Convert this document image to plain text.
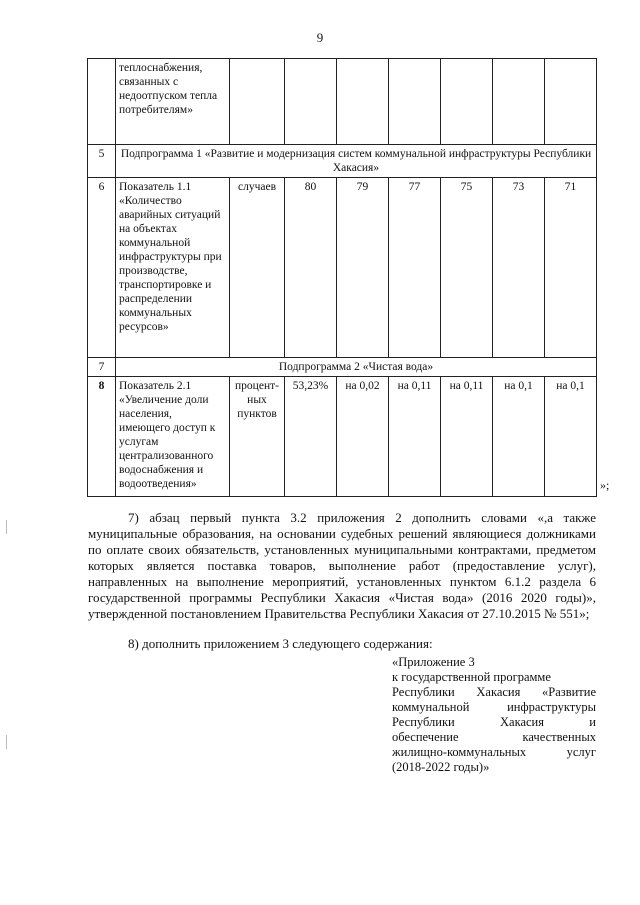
9
	теплоснабжения, связанных с недоотпуском тепла потребителям»							
5	Подпрограмма 1 «Развитие и модернизация систем коммунальной инфраструктуры Республики Хакасия»							
6	Показатель 1.1 «Количество аварийных ситуаций на объектах коммунальной инфраструктуры при производстве, транспортировке и распределении коммунальных ресурсов»	случаев	80	79	77	75	73	71
7	Подпрограмма 2 «Чистая вода»							
8	Показатель 2.1 «Увеличение доли населения, имеющего доступ к услугам централизованного водоснабжения и водоотведения»	процент-ных пунктов	53,23%	на 0,02	на 0,11	на 0,11	на 0,1	на 0,1
»;
7) абзац первый пункта 3.2 приложения 2 дополнить словами «,а также муниципальные образования, на основании судебных решений являющиеся должниками по оплате своих обязательств, установленных муниципальными контрактами, предметом которых является поставка товаров, выполнение работ (предоставление услуг), направленных на выполнение мероприятий, установленных пунктом 6.1.2 раздела 6 государственной программы Республики Хакасия «Чистая вода» (2016 2020 годы)», утвержденной постановлением Правительства Республики Хакасия от 27.10.2015 № 551»;
8) дополнить приложением 3 следующего содержания:
«Приложение 3
к государственной программе
Республики Хакасия «Развитие
коммунальной инфраструктуры
Республики Хакасия и
обеспечение качественных
жилищно-коммунальных услуг
(2018-2022 годы)»
